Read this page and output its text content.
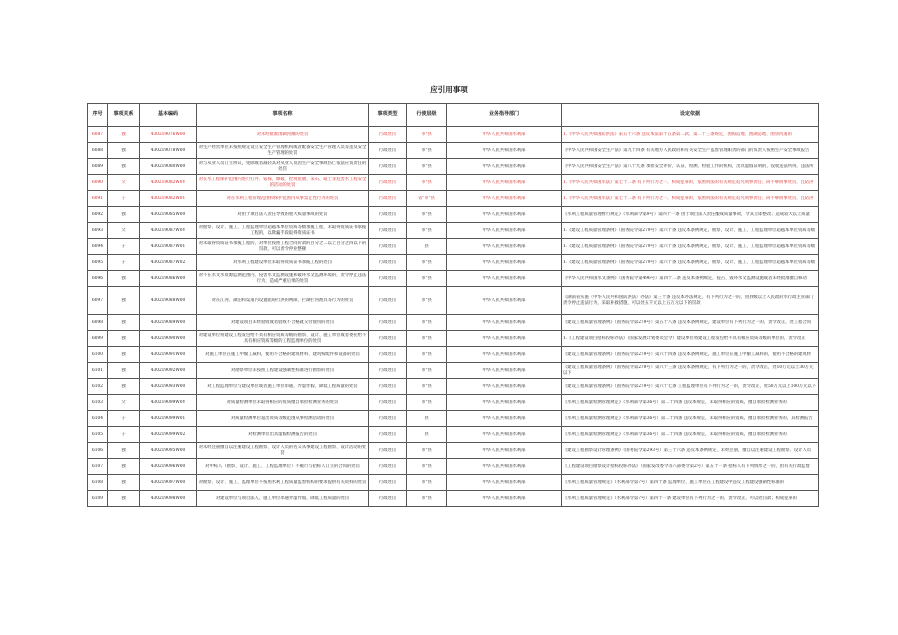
应引用事项
序号	事项关系	基本编码	事项名称	事项类型	行使层级	业务指导部门	设定依据

6087	独	430219076W00	对未经批准围湖河滩的处罚	行政处罚	市"县	中华人民共和国水利部	1.《中华人民共和国防洪法》第五十六条 违反本法第十五条第二款、第二十三条规定，围海造地、围湖造地、围垦河道的

6088	独	430219078W00	对生产经营单位未按照规定设立安全生产管理机构或者配备安全生产管理人员等违反安全生产管理的处罚	行政处罚	市"县	中华人民共和国水利部	《中华人民共和国安全生产法》第九十四条 有关地方人民政府和有关安全生产监督管理职责的部门的负责人按照生产安全事故报告

6089	独	430219080W00	对与从业人员订立协议，免除或者减轻其对从业人员因生产安全事故伤亡依法应负责任的处罚	行政处罚	市"县	中华人民共和国水利部	《中华人民共和国安全生产法》第八十九条 承担安全评价、认证、检测、检验工作的机构，出具虚假证明的，没收违法所得，违法所

6090	父	430219082W0Y	对在水工程保护范围内进行打井、钻探、爆破、挖筑鱼塘、采石、取土等危害水工程安全的活动的处罚	行政处罚	市"县	中华人民共和国水利部	1.《中华人民共和国水法》第七十二条 有下列行为之一，构成犯罪的，依照刑法的有关规定追究刑事责任；尚不够刑事处罚，且防洪

6091	子	430219082W01	对在水利工程管理范围和保护范围内从事禁止性行为的处罚	行政处罚	省"市"县	中华人民共和国水利部	1.《中华人民共和国水法》第七十二条 有下列行为之一，构成犯罪的，依照刑法的有关规定追究刑事责任；尚不够刑事处罚，且防洪

6092	独	430219085W00	对由于项目法人责任导致的重大质量事故的处罚	行政处罚	市"县	中华人民共和国水利部	《水利工程质量管理暂行规定》（水利部令第9号）第四十一条 由于项目法人责任酿成质量事故，令其立即整改；造成较大以上质量

6093	父	430219087W0Y	对勘察、设计、施工、工程监理单位超越本单位资质等级承揽工程，未取得资质证书承揽工程的，以欺骗手段取得资质证书	行政处罚	市"县	中华人民共和国水利部	1.《建设工程质量管理条例》（国务院令第279号）第六十条 违反本条例规定，勘察、设计、施工、工程监理单位超越本单位资质等级

6094	子	430219087W01	对未取得资质证书承揽工程的，对单位按照工程合同价款的百分之二以上百分之四以下的罚款，可以责令停业整顿	行政处罚	县	中华人民共和国水利部	1.《建设工程质量管理条例》（国务院令第279号）第六十条 违反本条例规定，勘察、设计、施工、工程监理单位超越本单位资质等级

6095	子	430219087W02	对水利工程建设单位未取得资质证书承揽工程的处罚	行政处罚	市"县	中华人民共和国水利部	1.《建设工程质量管理条例》（国务院令第279号）第六十条 违反本条例规定，勘察、设计、施工、工程监理单位超越本单位资质等级

6096	独	430219086W00	对不在水文水资源监测范围内，侵害水文监测设施和破坏水文监测环境的，责令停止违法行为，造成严重后果的处罚	行政处罚	市"县	中华人民共和国水利部	《中华人民共和国水文条例》（国务院令第496号）第四十二条 违反本条例规定，侵占、毁坏水文监测设施或者未经批准擅自移动

6097	独	430219088W00	对在江河、湖泊和渠道内设置阻碍行洪的网障，拦湖拦河渔具等行为的处罚	行政处罚	市"县	中华人民共和国水利部	《湖南省实施〈中华人民共和国防洪法〉办法》第三十条 违反本办法规定，有下列行为之一的，由县级以上人民政府水行政主管部门责令停止违法行为，采取补救措施，可以处五千元以上五万元以下的罚款

6098	独	430219089W00	对建设项目未经验收或者验收不合格就交付使用的处罚	行政处罚	市"县	中华人民共和国水利部	《建设工程质量管理条例》（国务院令第279号）第五十八条 违反本条例规定，建设单位有下列行为之一的，责令改正，处工程合同

6099	独	430219090W00	对建设单位将建设工程发包给不具有相应资质等级的勘察、设计、施工单位或者委托给不具有相应资质等级的工程监理单位的处罚	行政处罚	市"县	中华人民共和国水利部	1.《工程建设项目招标投标办法》（国家发展计划委员会令）建设单位将建设工程发包给不具有相应资质等级的单位的，责令改正

6100	独	430219091W00	对施工单位在施工中偷工减料，使用不合格的建筑材料、建筑构配件和设备的处罚	行政处罚	市"县	中华人民共和国水利部	《建设工程质量管理条例》（国务院令第279号）第六十四条 违反本条例规定，施工单位在施工中偷工减料的，使用不合格的建筑材

6101	独	430219092W00	对勘察单位未按照工程建设强制性标准进行勘察的处罚	行政处罚	市"县	中华人民共和国水利部	《建设工程质量管理条例》（国务院令第279号）第六十三条 违反本条例规定，有下列行为之一的，责令改正，处10万元以上30万元以下

6102	独	430219093W00	对工程监理单位与建设单位或者施工单位串通，弄虚作假、降低工程质量的处罚	行政处罚	市"县	中华人民共和国水利部	《建设工程质量管理条例》（国务院令第279号）第六十七条 工程监理单位有下列行为之一的，责令改正，处50万元以上100万元以下

6103	父	430219099W0Y	对质量检测单位未取得相应的资质擅自承担检测业务的处罚	行政处罚	市"县	中华人民共和国水利部	《水利工程质量检测管理规定》（水利部令第36号）第二十四条 违反本规定，未取得相应的资质，擅自承担检测业务的

6104	子	430219099W01	对质量检测单位超出资质等级范围从事检测活动的处罚	行政处罚	县	中华人民共和国水利部	《水利工程质量检测管理规定》（水利部令第36号）第二十四条 违反本规定，未取得相应的资质，擅自承担检测业务的，其检测报告

6105	子	430219099W02	对检测单位出具虚假检测报告的处罚	行政处罚	县	中华人民共和国水利部	《水利工程质量检测管理规定》（水利部令第36号）第二十四条 违反本规定，未取得相应的资质，擅自承担检测业务的

6106	独	430219095W00	对未经注册擅自以注册建设工程勘察、设计人员的名义从事建设工程勘察、设计活动的处罚	行政处罚	市"县	中华人民共和国水利部	《建设工程勘察设计管理条例》（国务院令第293号）第三十六条 违反本条例规定，未经注册，擅自以注册建设工程勘察、设计人员

6107	独	430219096W00	对中标人（勘察、设计、施工、工程监理单位）不履行与招标人订立的合同的处罚	行政处罚	市"县	中华人民共和国水利部	《工程建设项目勘察设计招标投标办法》（国家发改委令等八部委令第2号）第五十一条 招标人有下列情形之一的，由有关行政监督

6108	独	430219097W00	对勘察、设计、施工、监理单位不按照水利工程质量监督机构的要求提供有关资料的处罚	行政处罚	市"县	中华人民共和国水利部	《水利工程质量管理规定》（水利部令第7号）第四十条 监理单位、施工单位在工程建设中违反工程建设强制性标准的

6109	独	430219098W00	对建设单位与项目法人、施工单位串通弄虚作假、降低工程质量的处罚	行政处罚	市"县	中华人民共和国水利部	《水利工程质量管理规定》（水利部令第7号）第四十一条 建设单位有下列行为之一的，责令改正，可以处罚款；构成犯罪的
